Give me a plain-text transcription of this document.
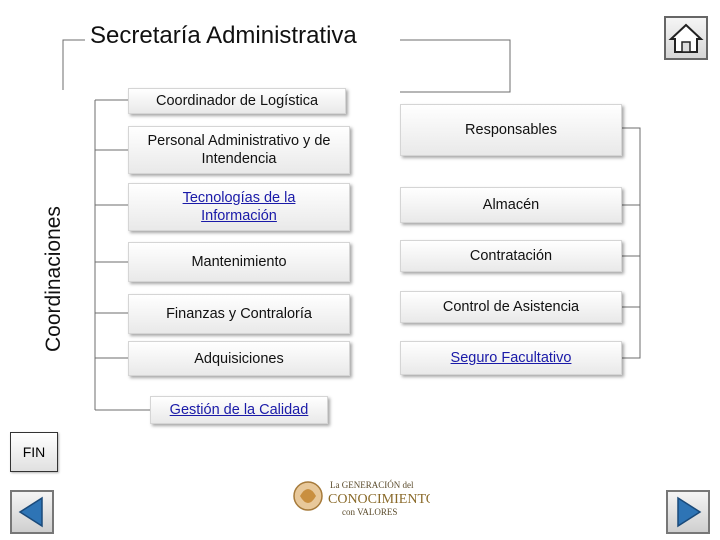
Secretaría Administrativa
Coordinaciones
Coordinador de Logística
Personal Administrativo y de Intendencia
Tecnologías de la Información
Mantenimiento
Finanzas y Contraloría
Adquisiciones
Gestión de la Calidad
Responsables
Almacén
Contratación
Control de Asistencia
Seguro Facultativo
FIN
La GENERACIÓN del
CONOCIMIENTO
con VALORES
